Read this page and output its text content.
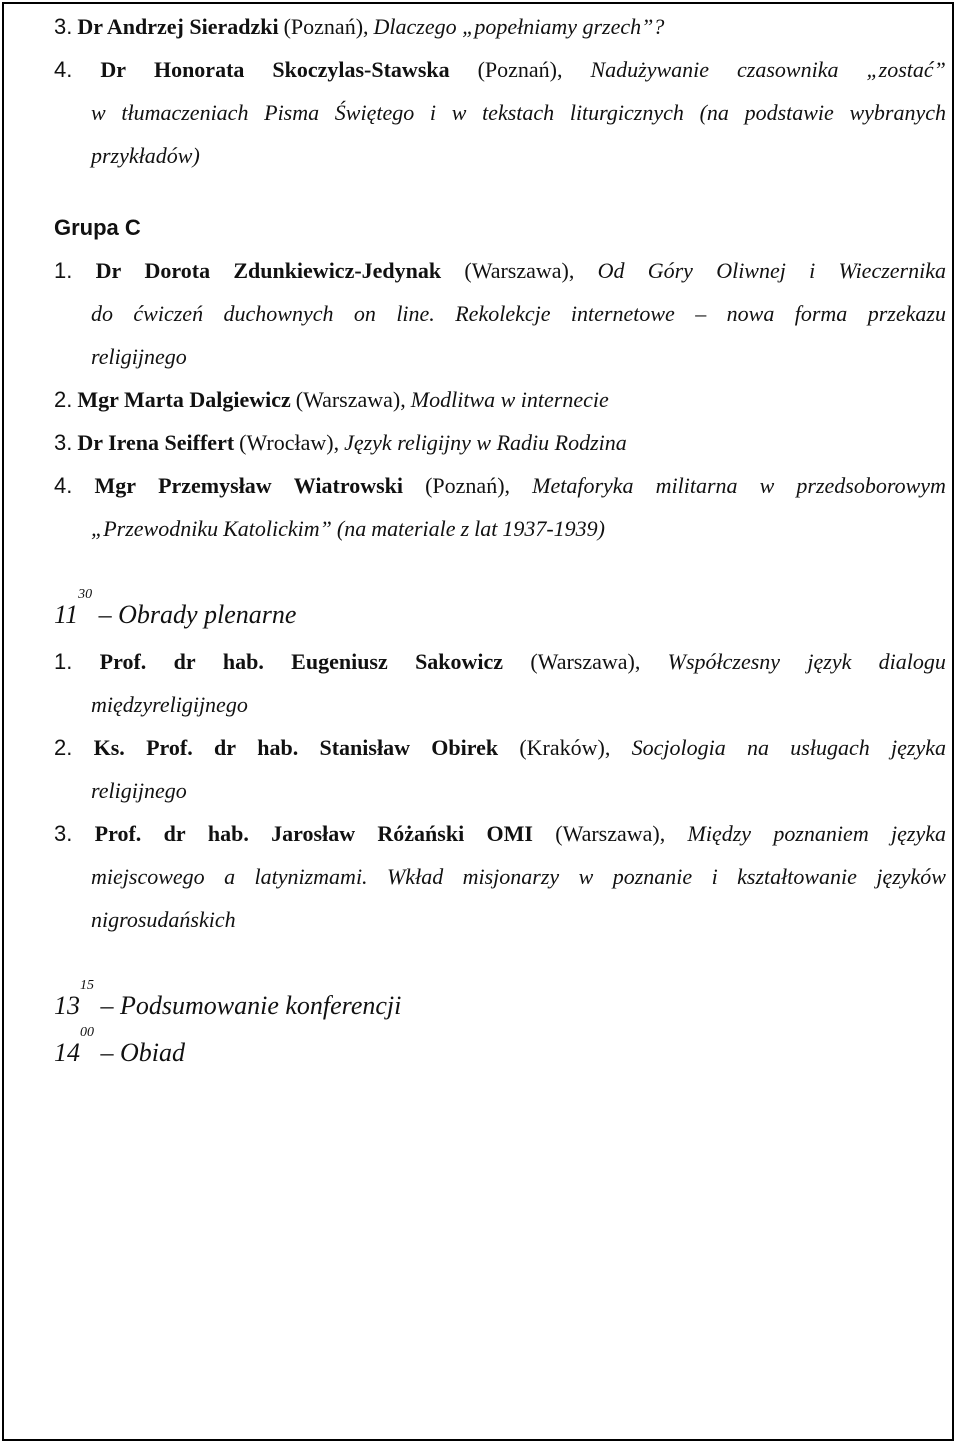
3. Dr Andrzej Sieradzki (Poznań), Dlaczego „popełniamy grzech”?
4. Dr Honorata Skoczylas-Stawska (Poznań), Nadużywanie czasownika „zostać”
w tłumaczeniach Pisma Świętego i w tekstach liturgicznych (na podstawie wybranych
przykładów)
Grupa C
1. Dr Dorota Zdunkiewicz-Jedynak (Warszawa), Od Góry Oliwnej i Wieczernika
do ćwiczeń duchownych on line. Rekolekcje internetowe – nowa forma przekazu
religijnego
2. Mgr Marta Dalgiewicz (Warszawa), Modlitwa w internecie
3. Dr Irena Seiffert (Wrocław), Język religijny w Radiu Rodzina
4. Mgr Przemysław Wiatrowski (Poznań), Metaforyka militarna w przedsoborowym
„Przewodniku Katolickim” (na materiale z lat 1937-1939)
$11^{30}$ – Obrady plenarne
1. Prof. dr hab. Eugeniusz Sakowicz (Warszawa), Współczesny język dialogu
międzyreligijnego
2. Ks. Prof. dr hab. Stanisław Obirek (Kraków), Socjologia na usługach języka
religijnego
3. Prof. dr hab. Jarosław Różański OMI (Warszawa), Między poznaniem języka
miejscowego a latynizmami. Wkład misjonarzy w poznanie i kształtowanie języków
nigrosudańskich
$13^{15}$ – Podsumowanie konferencji
$14^{00}$ – Obiad
